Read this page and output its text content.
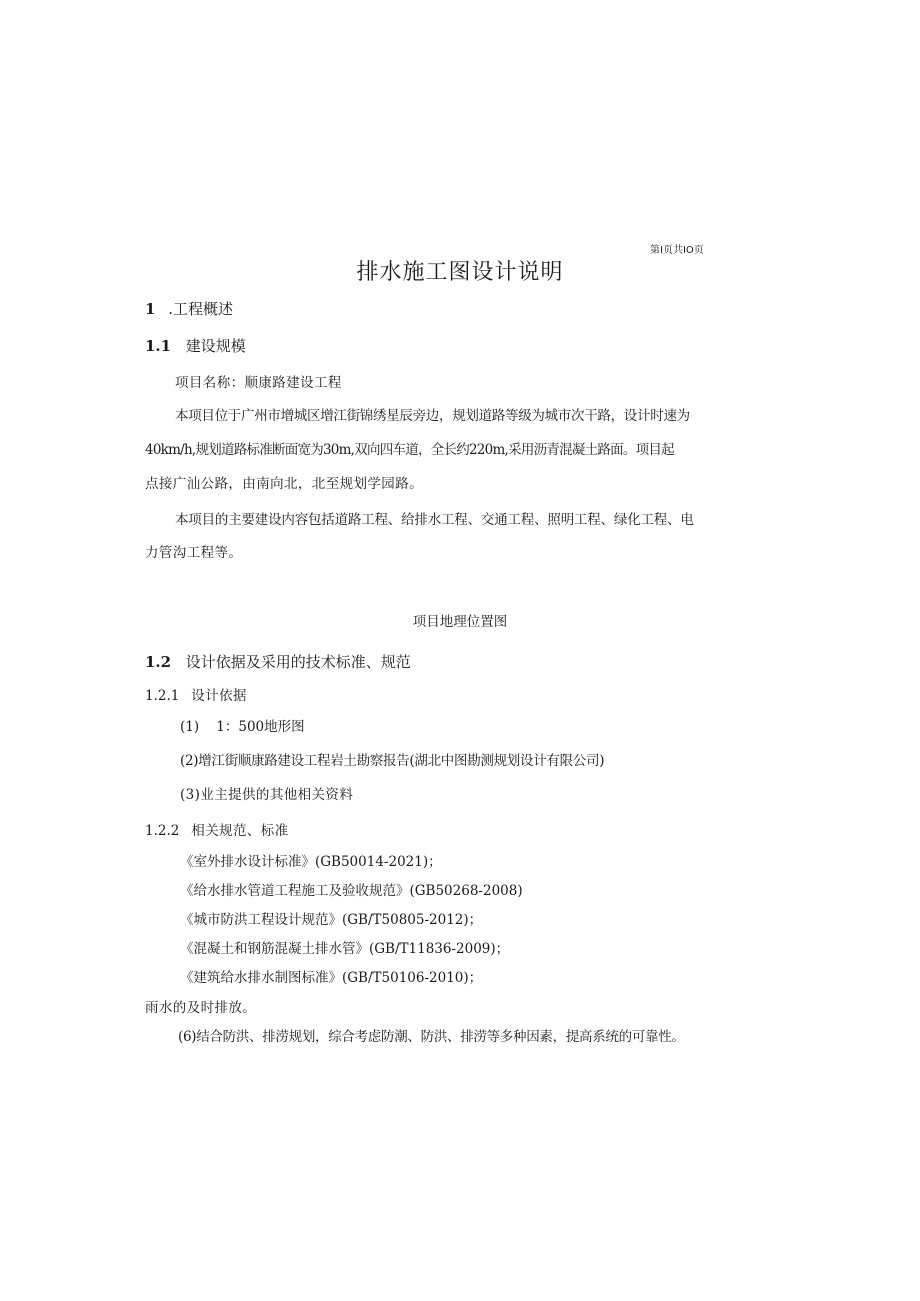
第I页共IO页
排水施工图设计说明
1 .工程概述
1.1 建设规模
项目名称：顺康路建设工程
本项目位于广州市增城区增江街锦绣星辰旁边，规划道路等级为城市次干路，设计时速为
40km/h,规划道路标准断面宽为30m,双向四车道，全长约220m,采用沥青混凝土路面。项目起
点接广汕公路，由南向北，北至规划学园路。
本项目的主要建设内容包括道路工程、给排水工程、交通工程、照明工程、绿化工程、电
力管沟工程等。
项目地理位置图
1.2 设计依据及采用的技术标准、规范
1.2.1 设计依据
(1)    1：500地形图
(2)增江街顺康路建设工程岩土勘察报告(湖北中图勘测规划设计有限公司)
(3)业主提供的其他相关资料
1.2.2 相关规范、标准
《室外排水设计标准》(GB50014-2021)；
《给水排水管道工程施工及验收规范》(GB50268-2008)
《城市防洪工程设计规范》(GB/T50805-2012)；
《混凝土和钢筋混凝土排水管》(GB/T11836-2009)；
《建筑给水排水制图标准》(GB/T50106-2010)；
雨水的及时排放。
(6)结合防洪、排涝规划，综合考虑防潮、防洪、排涝等多种因素，提高系统的可靠性。
